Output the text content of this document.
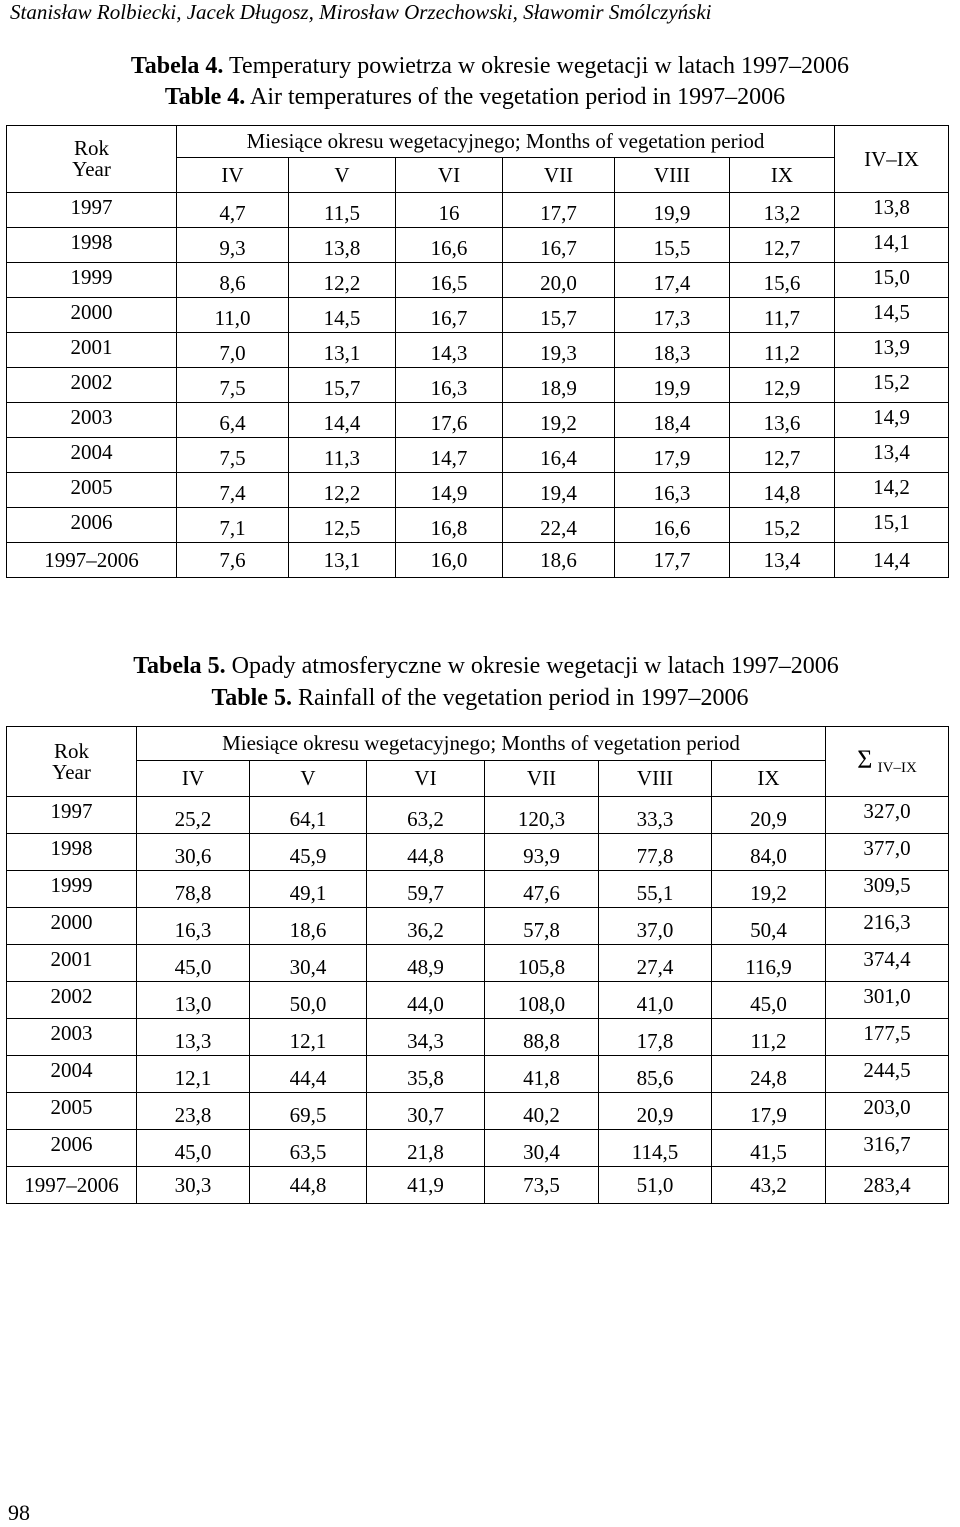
Stanisław Rolbiecki, Jacek Długosz, Mirosław Orzechowski, Sławomir Smólczyński
Tabela 4. Temperatury powietrza w okresie wegetacji w latach 1997–2006
Table 4. Air temperatures of the vegetation period in 1997–2006
Rok
Year	Miesiące okresu wegetacyjnego; Months of vegetation period						IV–IX
	IV	V	VI	VII	VIII	IX	
1997	4,7	11,5	16	17,7	19,9	13,2	13,8
1998	9,3	13,8	16,6	16,7	15,5	12,7	14,1
1999	8,6	12,2	16,5	20,0	17,4	15,6	15,0
2000	11,0	14,5	16,7	15,7	17,3	11,7	14,5
2001	7,0	13,1	14,3	19,3	18,3	11,2	13,9
2002	7,5	15,7	16,3	18,9	19,9	12,9	15,2
2003	6,4	14,4	17,6	19,2	18,4	13,6	14,9
2004	7,5	11,3	14,7	16,4	17,9	12,7	13,4
2005	7,4	12,2	14,9	19,4	16,3	14,8	14,2
2006	7,1	12,5	16,8	22,4	16,6	15,2	15,1
1997–2006	7,6	13,1	16,0	18,6	17,7	13,4	14,4
Tabela 5. Opady atmosferyczne w okresie wegetacji w latach 1997–2006
Table 5. Rainfall of the vegetation period in 1997–2006
Rok
Year	Miesiące okresu wegetacyjnego; Months of vegetation period						Σ IV–IX
	IV	V	VI	VII	VIII	IX	
1997	25,2	64,1	63,2	120,3	33,3	20,9	327,0
1998	30,6	45,9	44,8	93,9	77,8	84,0	377,0
1999	78,8	49,1	59,7	47,6	55,1	19,2	309,5
2000	16,3	18,6	36,2	57,8	37,0	50,4	216,3
2001	45,0	30,4	48,9	105,8	27,4	116,9	374,4
2002	13,0	50,0	44,0	108,0	41,0	45,0	301,0
2003	13,3	12,1	34,3	88,8	17,8	11,2	177,5
2004	12,1	44,4	35,8	41,8	85,6	24,8	244,5
2005	23,8	69,5	30,7	40,2	20,9	17,9	203,0
2006	45,0	63,5	21,8	30,4	114,5	41,5	316,7
1997–2006	30,3	44,8	41,9	73,5	51,0	43,2	283,4
98
